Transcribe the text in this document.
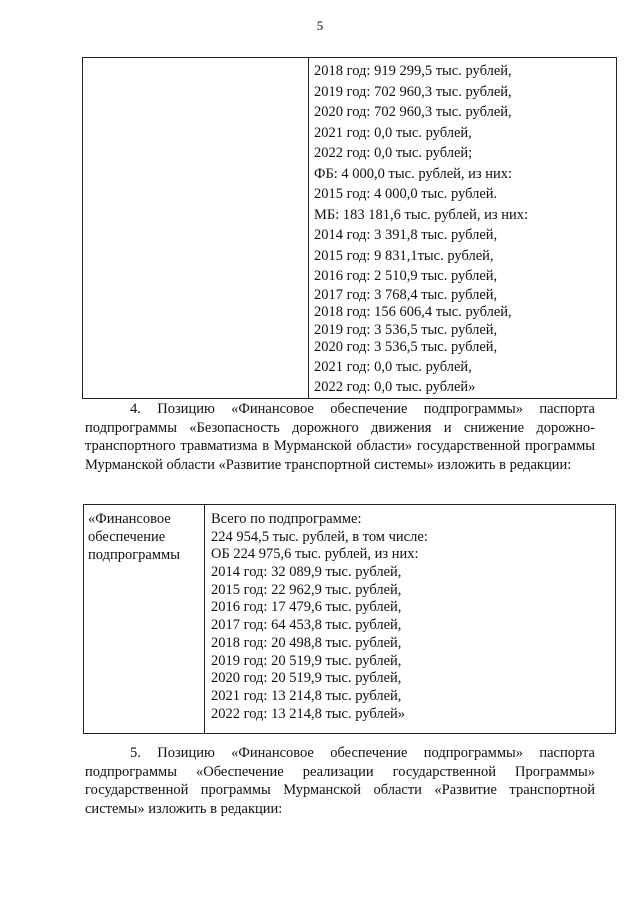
5

2018 год: 919 299,5 тыс. рублей,
2019 год: 702 960,3 тыс. рублей,
2020 год: 702 960,3 тыс. рублей,
2021 год: 0,0 тыс. рублей,
2022 год: 0,0 тыс. рублей;
ФБ: 4 000,0 тыс. рублей, из них:
2015 год: 4 000,0 тыс. рублей.
МБ: 183 181,6 тыс. рублей, из них:
2014 год: 3 391,8 тыс. рублей,
2015 год: 9 831,1тыс. рублей,
2016 год: 2 510,9 тыс. рублей,
2017 год: 3 768,4 тыс. рублей,
2018 год: 156 606,4 тыс. рублей,
2019 год: 3 536,5 тыс. рублей,
2020 год: 3 536,5 тыс. рублей,
2021 год: 0,0 тыс. рублей,
2022 год: 0,0 тыс. рублей»
4. Позицию «Финансовое обеспечение подпрограммы» паспорта подпрограммы «Безопасность дорожного движения и снижение дорожно-транспортного травматизма в Мурманской области» государственной программы Мурманской области «Развитие транспортной системы» изложить в редакции:
«Финансовое
обеспечение
подпрограммы

Всего по подпрограмме:
224 954,5 тыс. рублей, в том числе:
ОБ 224 975,6 тыс. рублей, из них:
2014 год: 32 089,9 тыс. рублей,
2015 год: 22 962,9 тыс. рублей,
2016 год: 17 479,6 тыс. рублей,
2017 год: 64 453,8 тыс. рублей,
2018 год: 20 498,8 тыс. рублей,
2019 год: 20 519,9 тыс. рублей,
2020 год: 20 519,9 тыс. рублей,
2021 год: 13 214,8 тыс. рублей,
2022 год: 13 214,8 тыс. рублей»
5. Позицию «Финансовое обеспечение подпрограммы» паспорта подпрограммы «Обеспечение реализации государственной Программы» государственной программы Мурманской области «Развитие транспортной системы» изложить в редакции:
